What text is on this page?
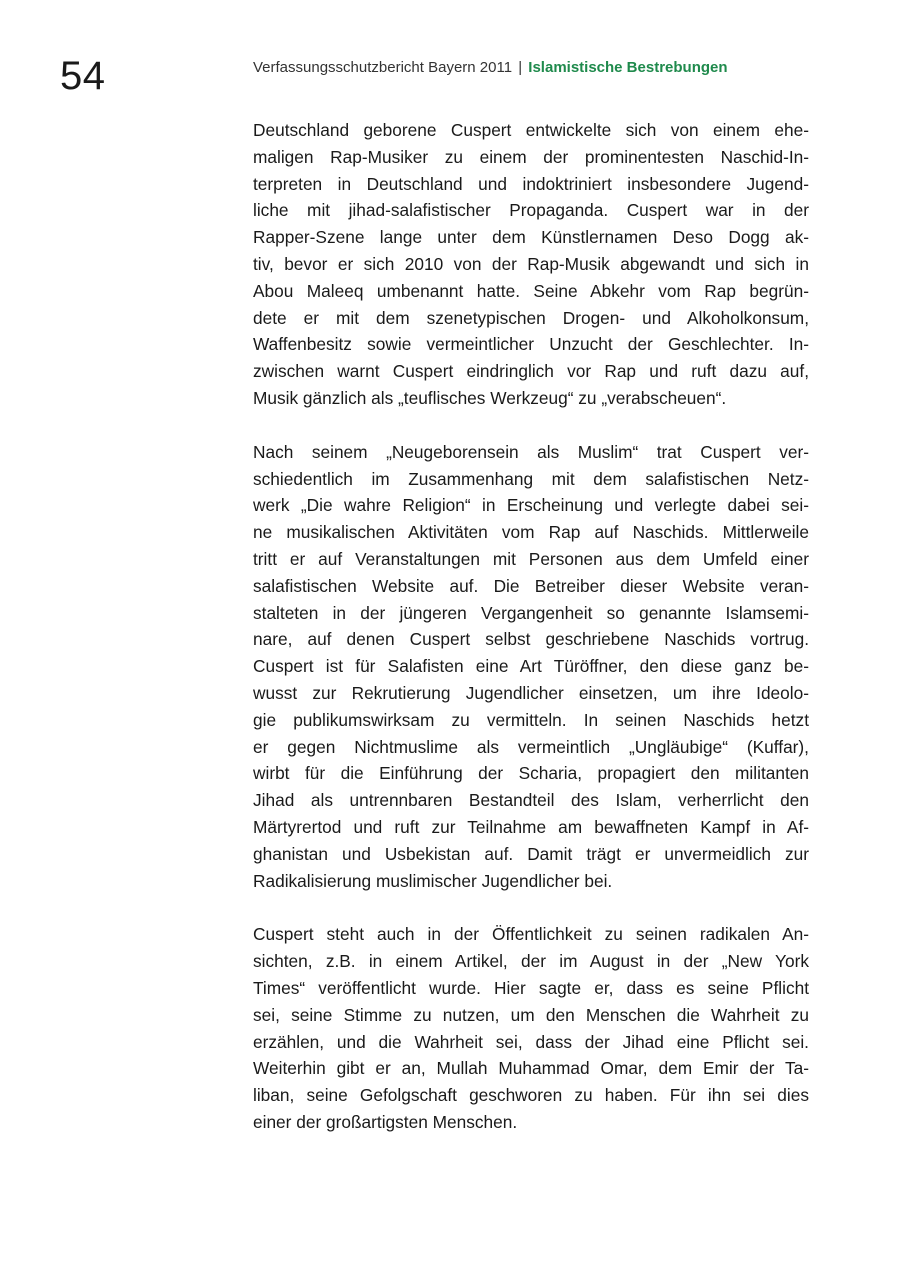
54	Verfassungsschutzbericht Bayern 2011 | Islamistische Bestrebungen

Deutschland geborene Cuspert entwickelte sich von einem ehe-
maligen Rap-Musiker zu einem der prominentesten Naschid-In-
terpreten in Deutschland und indoktriniert insbesondere Jugend-
liche mit jihad-salafistischer Propaganda. Cuspert war in der
Rapper-Szene lange unter dem Künstlernamen Deso Dogg ak-
tiv, bevor er sich 2010 von der Rap-Musik abgewandt und sich in
Abou Maleeq umbenannt hatte. Seine Abkehr vom Rap begrün-
dete er mit dem szenetypischen Drogen- und Alkoholkonsum,
Waffenbesitz sowie vermeintlicher Unzucht der Geschlechter. In-
zwischen warnt Cuspert eindringlich vor Rap und ruft dazu auf,
Musik gänzlich als „teuflisches Werkzeug“ zu „verabscheuen“.

Nach seinem „Neugeborensein als Muslim“ trat Cuspert ver-
schiedentlich im Zusammenhang mit dem salafistischen Netz-
werk „Die wahre Religion“ in Erscheinung und verlegte dabei sei-
ne musikalischen Aktivitäten vom Rap auf Naschids. Mittlerweile
tritt er auf Veranstaltungen mit Personen aus dem Umfeld einer
salafistischen Website auf. Die Betreiber dieser Website veran-
stalteten in der jüngeren Vergangenheit so genannte Islamsemi-
nare, auf denen Cuspert selbst geschriebene Naschids vortrug.
Cuspert ist für Salafisten eine Art Türöffner, den diese ganz be-
wusst zur Rekrutierung Jugendlicher einsetzen, um ihre Ideolo-
gie publikumswirksam zu vermitteln. In seinen Naschids hetzt
er gegen Nichtmuslime als vermeintlich „Ungläubige“ (Kuffar),
wirbt für die Einführung der Scharia, propagiert den militanten
Jihad als untrennbaren Bestandteil des Islam, verherrlicht den
Märtyrertod und ruft zur Teilnahme am bewaffneten Kampf in Af-
ghanistan und Usbekistan auf. Damit trägt er unvermeidlich zur
Radikalisierung muslimischer Jugendlicher bei.

Cuspert steht auch in der Öffentlichkeit zu seinen radikalen An-
sichten, z.B. in einem Artikel, der im August in der „New York
Times“ veröffentlicht wurde. Hier sagte er, dass es seine Pflicht
sei, seine Stimme zu nutzen, um den Menschen die Wahrheit zu
erzählen, und die Wahrheit sei, dass der Jihad eine Pflicht sei.
Weiterhin gibt er an, Mullah Muhammad Omar, dem Emir der Ta-
liban, seine Gefolgschaft geschworen zu haben. Für ihn sei dies
einer der großartigsten Menschen.
